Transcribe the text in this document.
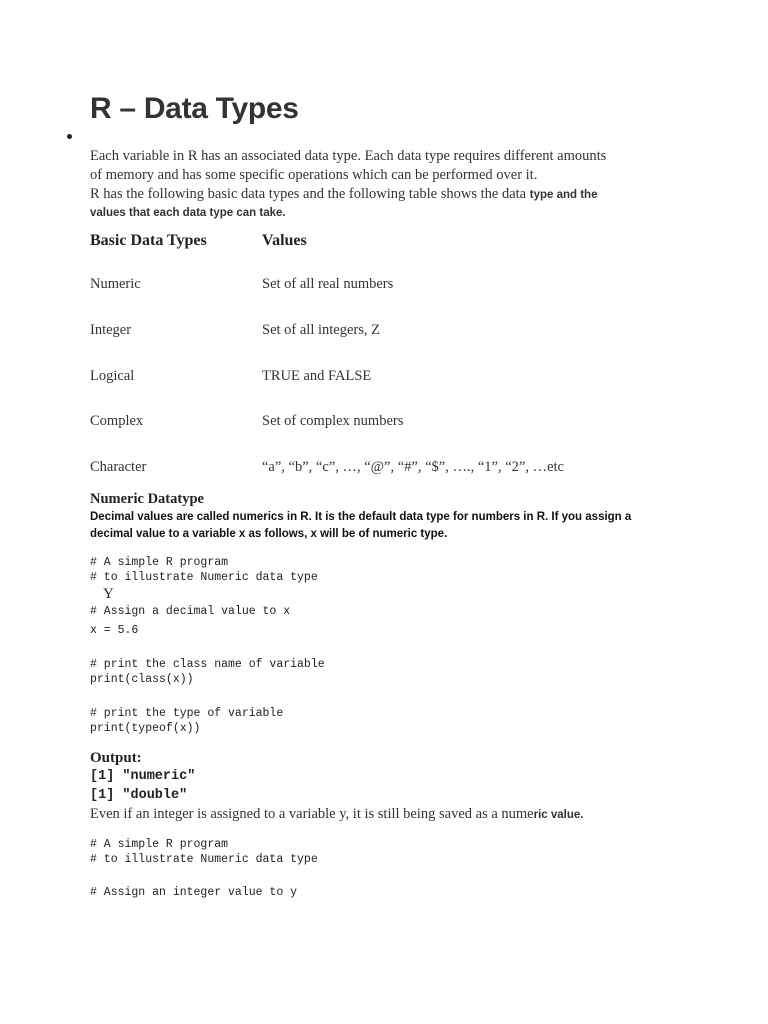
R – Data Types
Each variable in R has an associated data type. Each data type requires different amounts
of memory and has some specific operations which can be performed over it.
R has the following basic data types and the following table shows the data type and the
values that each data type can take.
Basic Data Types	Values
Numeric	Set of all real numbers
Integer	Set of all integers, Z
Logical	TRUE and FALSE
Complex	Set of complex numbers
Character	“a”, “b”, “c”, …, “@”, “#”, “$”, …., “1”, “2”, …etc
Numeric Datatype
Decimal values are called numerics in R. It is the default data type for numbers in R. If you assign a
decimal value to a variable x as follows, x will be of numeric type.
# A simple R program
# to illustrate Numeric data type
Y
# Assign a decimal value to x
x = 5.6
# print the class name of variable
print(class(x))
# print the type of variable
print(typeof(x))
Output:
[1] "numeric"
[1] "double"
Even if an integer is assigned to a variable y, it is still being saved as a numeric value.
# A simple R program
# to illustrate Numeric data type
# Assign an integer value to y
